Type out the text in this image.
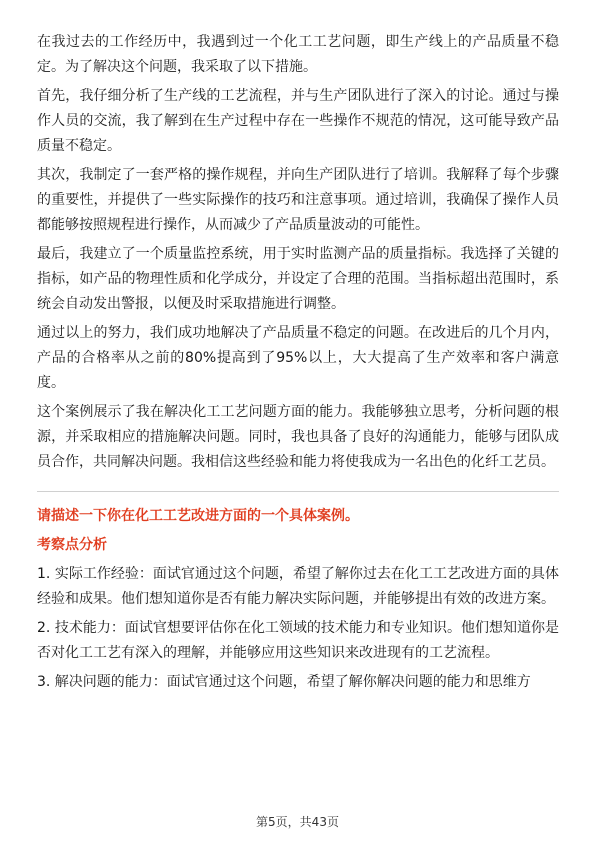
在我过去的工作经历中，我遇到过一个化工工艺问题，即生产线上的产品质量不稳定。为了解决这个问题，我采取了以下措施。

首先，我仔细分析了生产线的工艺流程，并与生产团队进行了深入的讨论。通过与操作人员的交流，我了解到在生产过程中存在一些操作不规范的情况，这可能导致产品质量不稳定。

其次，我制定了一套严格的操作规程，并向生产团队进行了培训。我解释了每个步骤的重要性，并提供了一些实际操作的技巧和注意事项。通过培训，我确保了操作人员都能够按照规程进行操作，从而减少了产品质量波动的可能性。

最后，我建立了一个质量监控系统，用于实时监测产品的质量指标。我选择了关键的指标，如产品的物理性质和化学成分，并设定了合理的范围。当指标超出范围时，系统会自动发出警报，以便及时采取措施进行调整。

通过以上的努力，我们成功地解决了产品质量不稳定的问题。在改进后的几个月内，产品的合格率从之前的80%提高到了95%以上，大大提高了生产效率和客户满意度。

这个案例展示了我在解决化工工艺问题方面的能力。我能够独立思考，分析问题的根源，并采取相应的措施解决问题。同时，我也具备了良好的沟通能力，能够与团队成员合作，共同解决问题。我相信这些经验和能力将使我成为一名出色的化纤工艺员。

请描述一下你在化工工艺改进方面的一个具体案例。

考察点分析

1. 实际工作经验：面试官通过这个问题，希望了解你过去在化工工艺改进方面的具体经验和成果。他们想知道你是否有能力解决实际问题，并能够提出有效的改进方案。

2. 技术能力：面试官想要评估你在化工领域的技术能力和专业知识。他们想知道你是否对化工工艺有深入的理解，并能够应用这些知识来改进现有的工艺流程。

3. 解决问题的能力：面试官通过这个问题，希望了解你解决问题的能力和思维方

第5页，共43页
